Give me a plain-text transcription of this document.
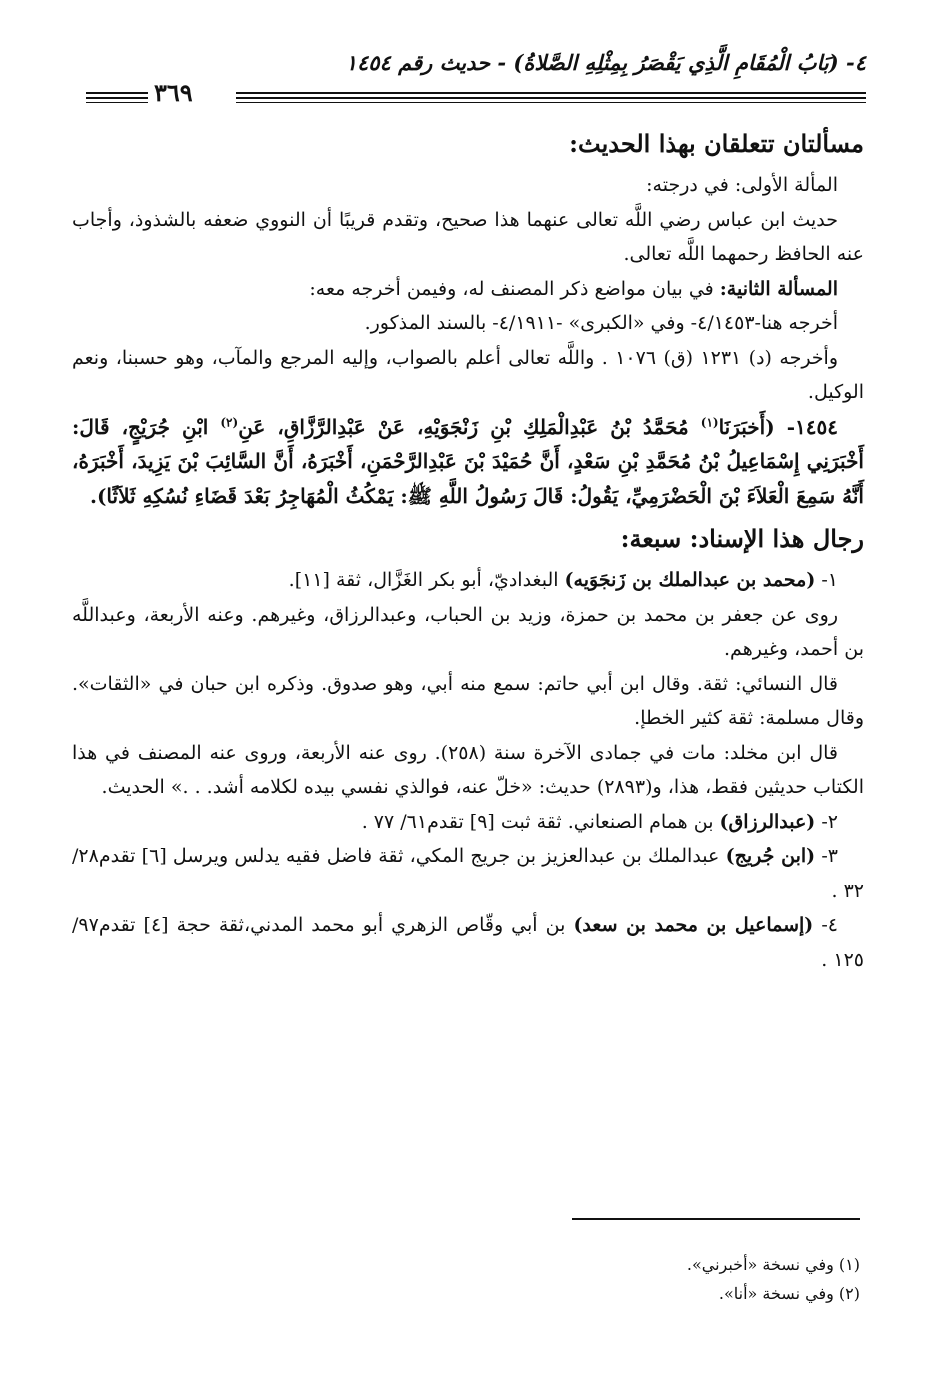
٤- (بَابُ الْمُقَامِ الَّذِي يَقْصَرُ بِمِثْلِهِ الصَّلاةُ) - حديث رقم ١٤٥٤
٣٦٩

مسألتان تتعلقان بهذا الحديث:

المألة الأولى: في درجته:

حديث ابن عباس رضي اللَّه تعالى عنهما هذا صحيح، وتقدم قريبًا أن النووي ضعفه بالشذوذ، وأجاب عنه الحافظ رحمهما اللَّه تعالى.

المسألة الثانية: في بيان مواضع ذكر المصنف له، وفيمن أخرجه معه:

أخرجه هنا-٤/١٤٥٣- وفي «الكبرى» -٤/١٩١١- بالسند المذكور.

وأخرجه (د) ١٢٣١ (ق) ١٠٧٦ . واللَّه تعالى أعلم بالصواب، وإليه المرجع والمآب، وهو حسبنا، ونعم الوكيل.

١٤٥٤- (أَخبَرَنَا$^{(١)}$ مُحَمَّدُ بْنُ عَبْدِالْمَلِكِ بْنِ زَنْجَوَيْهِ، عَنْ عَبْدِالرَّزَّاقِ، عَنِ$^{(٢)}$ ابْنِ جُرَيْجٍ، قَالَ: أَخْبَرَنِي إِسْمَاعِيلُ بْنُ مُحَمَّدِ بْنِ سَعْدٍ، أَنَّ حُمَيْدَ بْنَ عَبْدِالرَّحْمَنِ، أَخْبَرَهُ، أَنَّ السَّائِبَ بْنَ يَزِيدَ، أَخْبَرَهُ، أَنَّهُ سَمِعَ الْعَلاَءَ بْنَ الْحَضْرَمِيِّ، يَقُولُ: قَالَ رَسُولُ اللَّهِ ﷺ: يَمْكُثُ الْمُهَاجِرُ بَعْدَ قَضَاءِ نُسُكِهِ ثَلاَثًا).

رجال هذا الإسناد: سبعة:

١- (محمد بن عبدالملك بن زَنجَوَيه) البغداديّ، أبو بكر الغَزَّال، ثقة [١١].

روى عن جعفر بن محمد بن حمزة، وزيد بن الحباب، وعبدالرزاق، وغيرهم. وعنه الأربعة، وعبداللَّه بن أحمد، وغيرهم.

قال النسائي: ثقة. وقال ابن أبي حاتم: سمع منه أبي، وهو صدوق. وذكره ابن حبان في «الثقات». وقال مسلمة: ثقة كثير الخطإ.

قال ابن مخلد: مات في جمادى الآخرة سنة (٢٥٨). روى عنه الأربعة، وروى عنه المصنف في هذا الكتاب حديثين فقط، هذا، و(٢٨٩٣) حديث: «خلّ عنه، فوالذي نفسي بيده لكلامه أشد. . .» الحديث.

٢- (عبدالرزاق) بن همام الصنعاني. ثقة ثبت [٩] تقدم٦١/ ٧٧ .

٣- (ابن جُريج) عبدالملك بن عبدالعزيز بن جريج المكي، ثقة فاضل فقيه يدلس ويرسل [٦] تقدم٢٨/ ٣٢ .

٤- (إسماعيل بن محمد بن سعد) بن أبي وقّاص الزهري أبو محمد المدني،ثقة حجة [٤] تقدم٩٧/ ١٢٥ .

(١) وفي نسخة «أخبرني».

(٢) وفي نسخة «أنا».
